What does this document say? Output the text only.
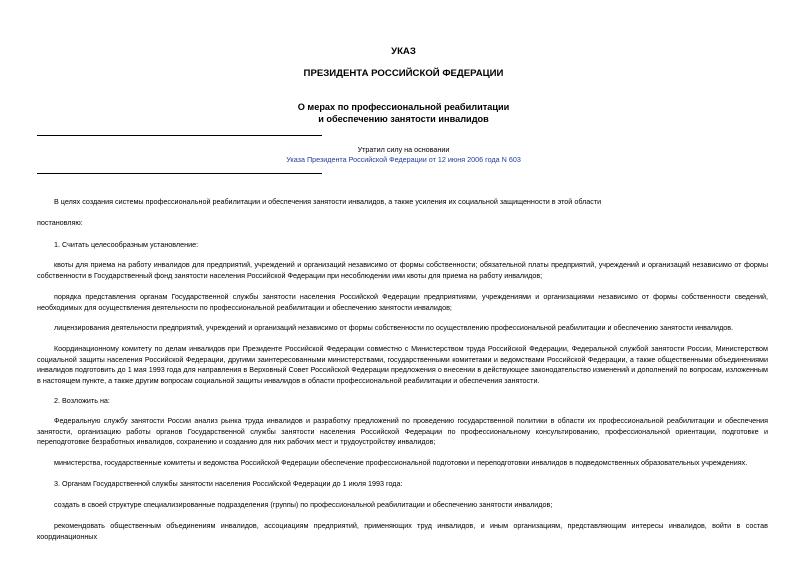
УКАЗ
ПРЕЗИДЕНТА РОССИЙСКОЙ ФЕДЕРАЦИИ
О мерах по профессиональной реабилитации
и обеспечению занятости инвалидов
Утратил силу на основании
Указа Президента Российской Федерации от 12 июня 2006 года N 603
В целях создания системы профессиональной реабилитации и обеспечения занятости инвалидов, а также усиления их социальной защищенности в этой области
постановляю:
1. Считать целесообразным установление:
квоты для приема на работу инвалидов для предприятий, учреждений и организаций независимо от формы собственности; обязательной платы предприятий, учреждений и организаций независимо от формы собственности в Государственный фонд занятости населения Российской Федерации при несоблюдении ими квоты для приема на работу инвалидов;
порядка представления органам Государственной службы занятости населения Российской Федерации предприятиями, учреждениями и организациями независимо от формы собственности сведений, необходимых для осуществления деятельности по профессиональной реабилитации и обеспечению занятости инвалидов;
лицензирования деятельности предприятий, учреждений и организаций независимо от формы собственности по осуществлению профессиональной реабилитации и обеспечению занятости инвалидов.
Координационному комитету по делам инвалидов при Президенте Российской Федерации совместно с Министерством труда Российской Федерации, Федеральной службой занятости России, Министерством социальной защиты населения Российской Федерации, другими заинтересованными министерствами, государственными комитетами и ведомствами Российской Федерации, а также общественными объединениями инвалидов подготовить до 1 мая 1993 года для направления в Верховный Совет Российской Федерации предложения о внесении в действующее законодательство изменений и дополнений по вопросам, изложенным в настоящем пункте, а также другим вопросам социальной защиты инвалидов в области профессиональной реабилитации и обеспечения занятости.
2. Возложить на:
Федеральную службу занятости России анализ рынка труда инвалидов и разработку предложений по проведению государственной политики в области их профессиональной реабилитации и обеспечения занятости, организацию работы органов Государственной службы занятости населения Российской Федерации по профессиональному консультированию, профессиональной ориентации, подготовке и переподготовке безработных инвалидов, сохранению и созданию для них рабочих мест и трудоустройству инвалидов;
министерства, государственные комитеты и ведомства Российской Федерации обеспечение профессиональной подготовки и переподготовки инвалидов в подведомственных образовательных учреждениях.
3. Органам Государственной службы занятости населения Российской Федерации до 1 июля 1993 года:
создать в своей структуре специализированные подразделения (группы) по профессиональной реабилитации и обеспечению занятости инвалидов;
рекомендовать общественным объединениям инвалидов, ассоциациям предприятий, применяющих труд инвалидов, и иным организациям, представляющим интересы инвалидов, войти в состав координационных
